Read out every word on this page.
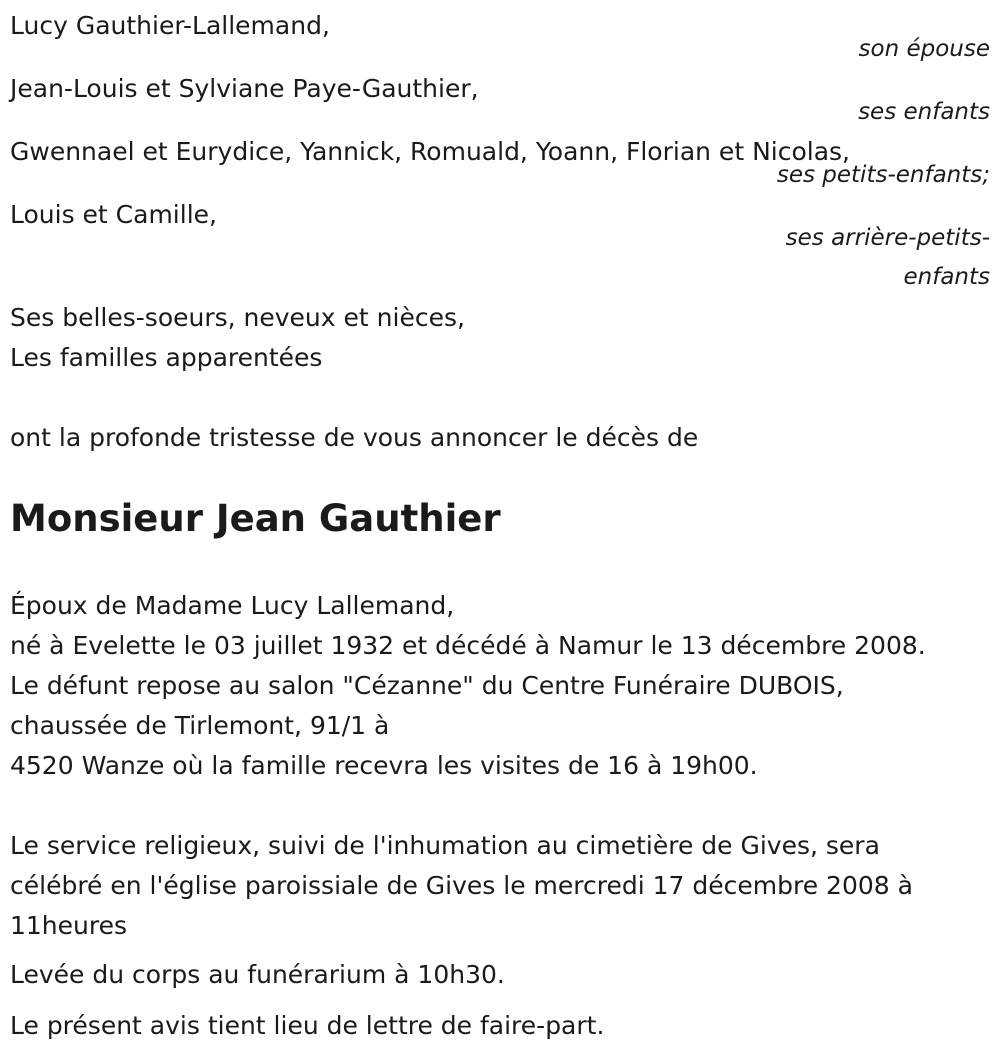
Lucy Gauthier-Lallemand,
son épouse
Jean-Louis et Sylviane Paye-Gauthier,
ses enfants
Gwennael et Eurydice, Yannick, Romuald, Yoann, Florian et Nicolas,
ses petits-enfants;
Louis et Camille,
ses arrière-petits-
enfants
Ses belles-soeurs, neveux et nièces,
Les familles apparentées
ont la profonde tristesse de vous annoncer le décès de
Monsieur Jean Gauthier
Époux de Madame Lucy Lallemand,
né à Evelette le 03 juillet 1932 et décédé à Namur le 13 décembre 2008.
Le défunt repose au salon "Cézanne" du Centre Funéraire DUBOIS,
chaussée de Tirlemont, 91/1 à
4520 Wanze où la famille recevra les visites de 16 à 19h00.
Le service religieux, suivi de l'inhumation au cimetière de Gives, sera
célébré en l'église paroissiale de Gives le mercredi 17 décembre 2008 à
11heures
Levée du corps au funérarium à 10h30.
Le présent avis tient lieu de lettre de faire-part.
